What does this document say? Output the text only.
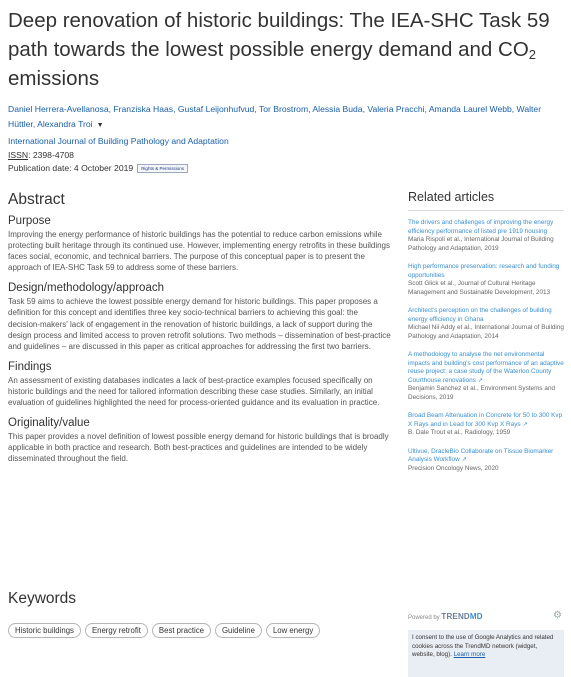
Deep renovation of historic buildings: The IEA-SHC Task 59 path towards the lowest possible energy demand and $CO_2$ emissions
Daniel Herrera-Avellanosa, Franziska Haas, Gustaf Leijonhufvud, Tor Brostrom, Alessia Buda, Valeria Pracchi, Amanda Laurel Webb, Walter Hüttler, Alexandra Troi ▼
International Journal of Building Pathology and Adaptation
ISSN: 2398-4708
Publication date: 4 October 2019 Rights & Permissions
Abstract
Purpose

Improving the energy performance of historic buildings has the potential to reduce carbon emissions while protecting built heritage through its continued use. However, implementing energy retrofits in these buildings faces social, economic, and technical barriers. The purpose of this conceptual paper is to present the approach of IEA-SHC Task 59 to address some of these barriers.

Design/methodology/approach

Task 59 aims to achieve the lowest possible energy demand for historic buildings. This paper proposes a definition for this concept and identifies three key socio-technical barriers to achieving this goal: the decision-makers' lack of engagement in the renovation of historic buildings, a lack of support during the design process and limited access to proven retrofit solutions. Two methods – dissemination of best-practice and guidelines – are discussed in this paper as critical approaches for addressing the first two barriers.

Findings

An assessment of existing databases indicates a lack of best-practice examples focused specifically on historic buildings and the need for tailored information describing these case studies. Similarly, an initial evaluation of guidelines highlighted the need for process-oriented guidance and its evaluation in practice.

Originality/value

This paper provides a novel definition of lowest possible energy demand for historic buildings that is broadly applicable in both practice and research. Both best-practices and guidelines are intended to be widely disseminated throughout the field.

Keywords
Historic buildings	Energy retrofit	Best practice	Guideline	Low energy
Related articles
The drivers and challenges of improving the energy efficiency performance of listed pre 1919 housing
Maria Rispoli et al., International Journal of Building Pathology and Adaptation, 2019
High performance preservation: research and funding opportunities
Scott Glick et al., Journal of Cultural Heritage Management and Sustainable Development, 2013
Architect's perception on the challenges of building energy efficiency in Ghana
Michael Nii Addy et al., International Journal of Building Pathology and Adaptation, 2014
A methodology to analyse the net environmental impacts and building's cost performance of an adaptive reuse project: a case study of the Waterloo County Courthouse renovations ↗
Benjamin Sanchez et al., Environment Systems and Decisions, 2019
Broad Beam Attenuation in Concrete for 50 to 300 Kvp X Rays and in Lead for 300 Kvp X Rays ↗
B. Dale Trout et al., Radiology, 1959
Ultivue, DracleBio Collaborate on Tissue Biomarker Analysis Workflow ↗
Precision Oncology News, 2020
Powered by TRENDMD	⚙
I consent to the use of Google Analytics and related cookies across the TrendMD network (widget, website, blog). Learn more
